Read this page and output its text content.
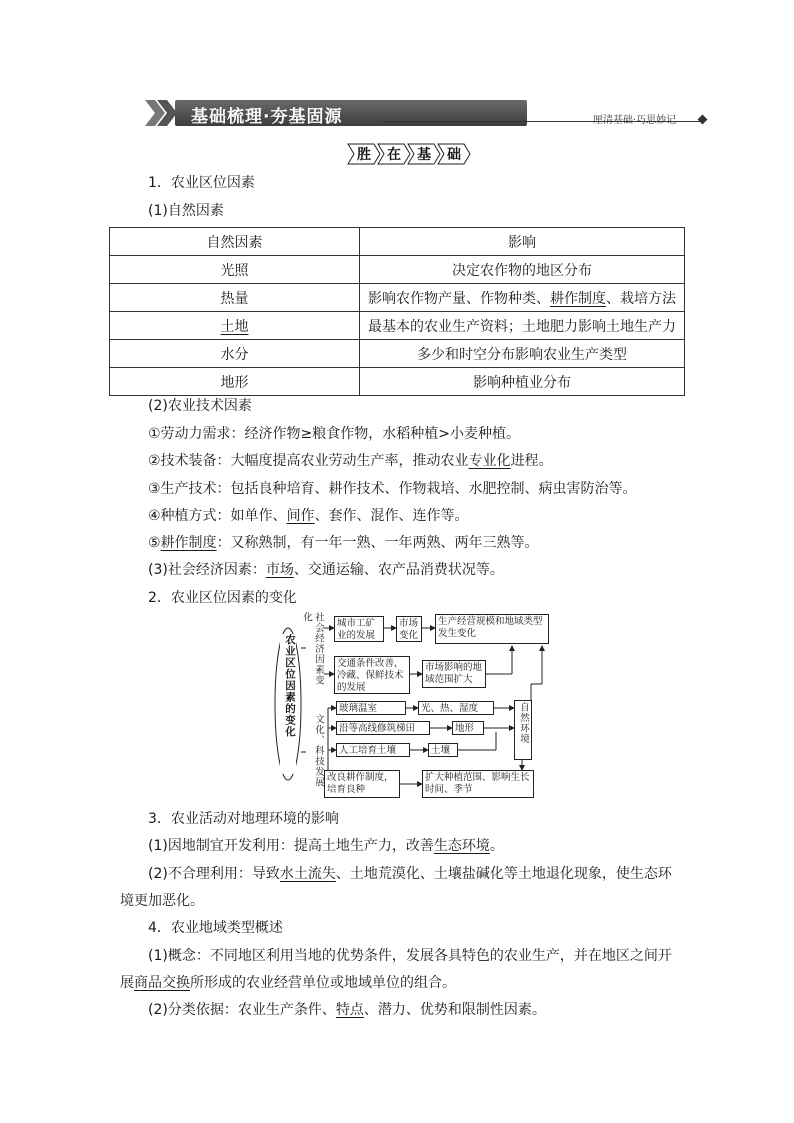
基础梳理·夯基固源	厘清基础·巧思妙记
胜 在 基 础
1．农业区位因素
(1)自然因素
自然因素	影响
光照	决定农作物的地区分布
热量	影响农作物产量、作物种类、耕作制度、栽培方法
土地	最基本的农业生产资料；土地肥力影响土地生产力
水分	多少和时空分布影响农业生产类型
地形	影响种植业分布
(2)农业技术因素
①劳动力需求：经济作物≥粮食作物，水稻种植>小麦种植。
②技术装备：大幅度提高农业劳动生产率，推动农业专业化进程。
③生产技术：包括良种培育、耕作技术、作物栽培、水肥控制、病虫害防治等。
④种植方式：如单作、间作、套作、混作、连作等。
⑤耕作制度：又称熟制，有一年一熟、一年两熟、两年三熟等。
(3)社会经济因素：市场、交通运输、农产品消费状况等。
2．农业区位因素的变化
农业区位因素的变化	社会经济因素变化
文化、科技发展
城市工矿业的发展
市场变化
生产经营规模和地域类型发生变化
交通条件改善，冷藏、保鲜技术的发展
市场影响的地域范围扩大
玻璃温室	光、热、湿度
沿等高线修筑梯田	地形
人工培育土壤	土壤
自然环境
改良耕作制度，培育良种
扩大种植范围、影响生长时间、季节
3．农业活动对地理环境的影响
(1)因地制宜开发利用：提高土地生产力，改善生态环境。
(2)不合理利用：导致水土流失、土地荒漠化、土壤盐碱化等土地退化现象，使生态环
境更加恶化。
4．农业地域类型概述
(1)概念：不同地区利用当地的优势条件，发展各具特色的农业生产，并在地区之间开
展商品交换所形成的农业经营单位或地域单位的组合。
(2)分类依据：农业生产条件、特点、潜力、优势和限制性因素。
